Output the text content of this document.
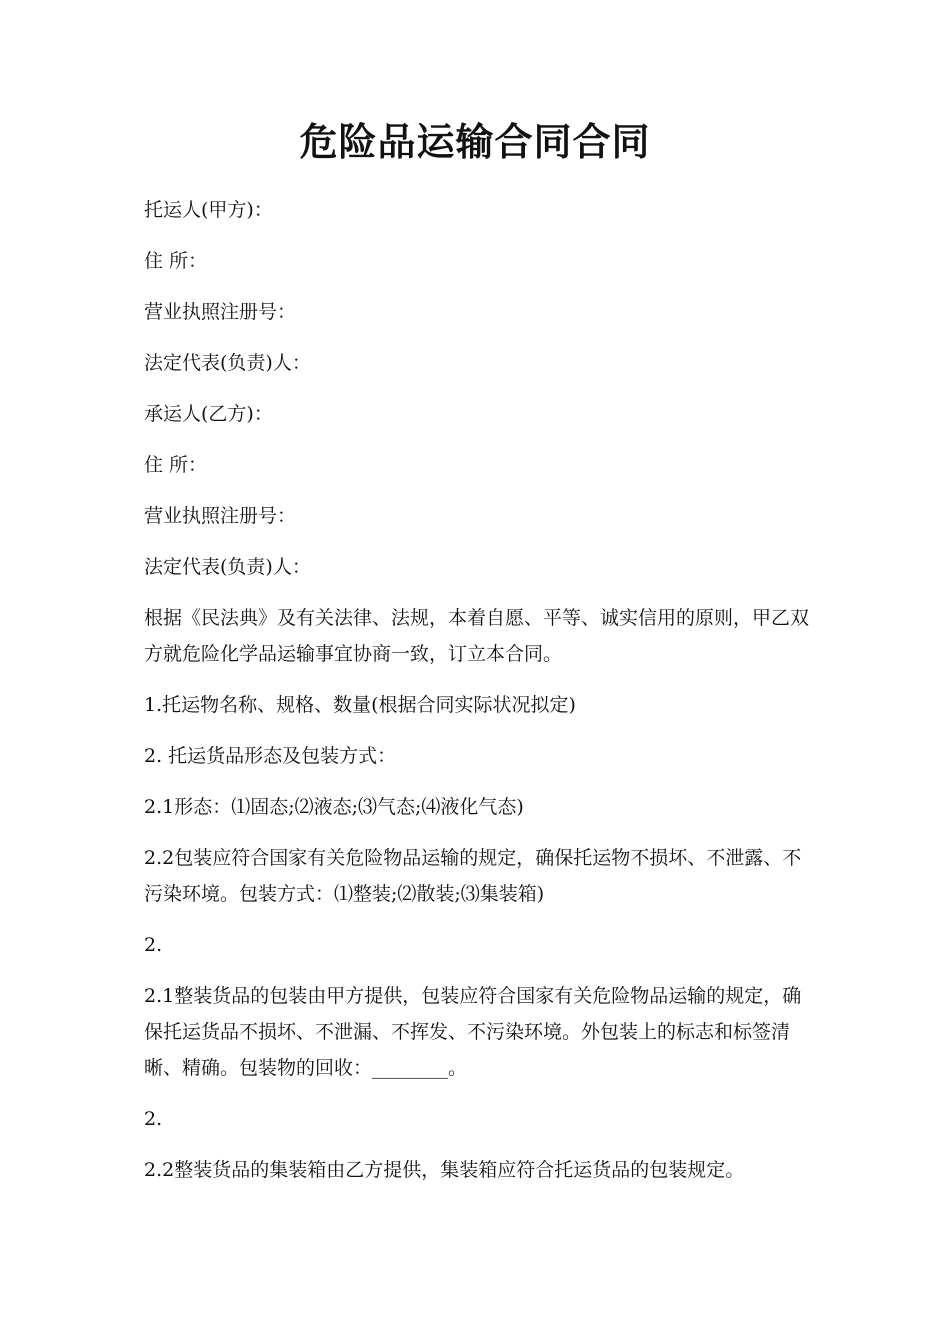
危险品运输合同合同

托运人(甲方)：

住 所：

营业执照注册号：

法定代表(负责)人：

承运人(乙方)：

住 所：

营业执照注册号：

法定代表(负责)人：

根据《民法典》及有关法律、法规，本着自愿、平等、诚实信用的原则，甲乙双方就危险化学品运输事宜协商一致，订立本合同。

1.托运物名称、规格、数量(根据合同实际状况拟定)

2. 托运货品形态及包装方式：

2.1形态：⑴固态;⑵液态;⑶气态;⑷液化气态)

2.2包装应符合国家有关危险物品运输的规定，确保托运物不损坏、不泄露、不污染环境。包装方式：⑴整装;⑵散装;⑶集装箱)

2.

2.1整装货品的包装由甲方提供，包装应符合国家有关危险物品运输的规定，确保托运货品不损坏、不泄漏、不挥发、不污染环境。外包装上的标志和标签清晰、精确。包装物的回收：________。

2.

2.2整装货品的集装箱由乙方提供，集装箱应符合托运货品的包装规定。
